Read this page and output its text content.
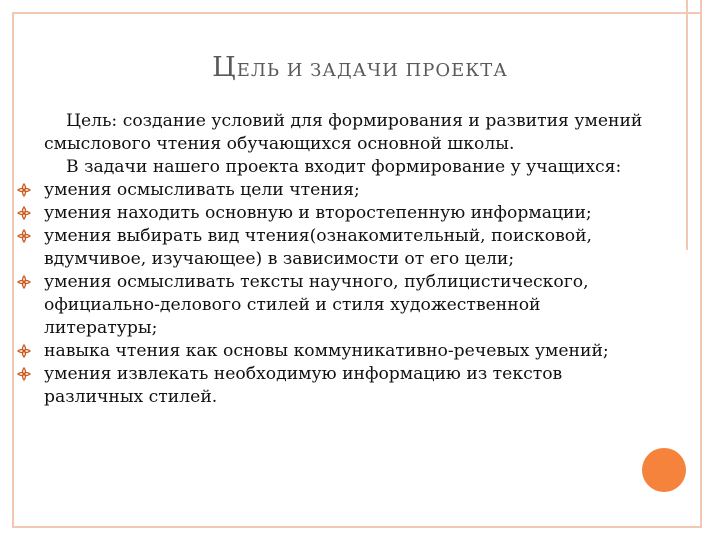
ЦЕЛЬ И ЗАДАЧИ ПРОЕКТА

Цель: создание условий для формирования и развития умений смыслового чтения обучающихся основной школы.

В задачи нашего проекта входит формирование у учащихся:

умения осмысливать цели чтения;
умения находить основную и второстепенную информации;
умения выбирать вид чтения(ознакомительный, поисковой, вдумчивое, изучающее) в зависимости от его цели;
умения осмысливать тексты научного, публицистического, официально-делового стилей и стиля художественной литературы;
навыка чтения как основы коммуникативно-речевых умений;
умения извлекать необходимую информацию из текстов различных стилей.
